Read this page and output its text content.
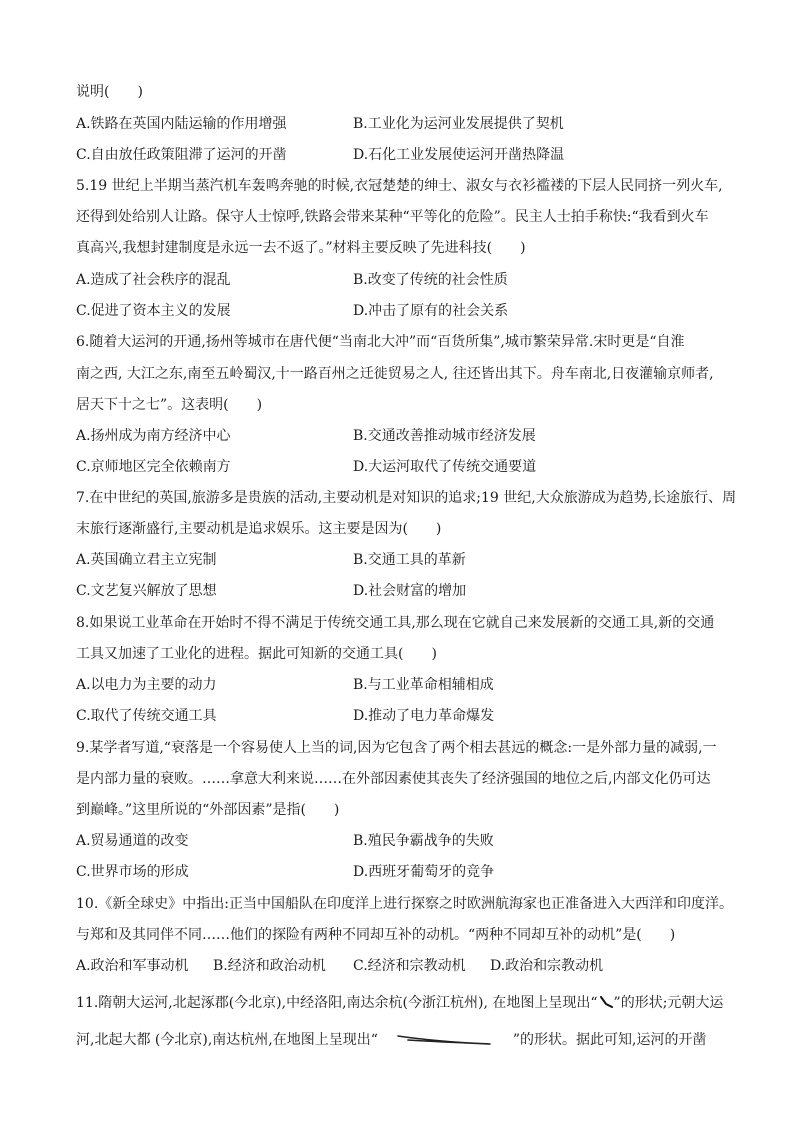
说明(　　)
A.铁路在英国内陆运输的作用增强	B.工业化为运河业发展提供了契机
C.自由放任政策阻滞了运河的开凿	D.石化工业发展使运河开凿热降温
5.19 世纪上半期当蒸汽机车轰鸣奔驰的时候,衣冠楚楚的绅士、淑女与衣衫褴褛的下层人民同挤一列火车,
还得到处给别人让路。保守人士惊呼,铁路会带来某种“平等化的危险”。民主人士拍手称快:“我看到火车
真高兴,我想封建制度是永远一去不返了。”材料主要反映了先进科技(　　)
A.造成了社会秩序的混乱	B.改变了传统的社会性质
C.促进了资本主义的发展	D.冲击了原有的社会关系
6.随着大运河的开通,扬州等城市在唐代便“当南北大冲”而“百货所集”,城市繁荣异常.宋时更是“自淮
南之西, 大江之东,南至五岭蜀汉,十一路百州之迁徙贸易之人, 往还皆出其下。舟车南北,日夜灌输京师者,
居天下十之七”。这表明(　　)
A.扬州成为南方经济中心	B.交通改善推动城市经济发展
C.京师地区完全依赖南方	D.大运河取代了传统交通要道
7.在中世纪的英国,旅游多是贵族的活动,主要动机是对知识的追求;19 世纪,大众旅游成为趋势,长途旅行、周
末旅行逐渐盛行,主要动机是追求娱乐。这主要是因为(　　)
A.英国确立君主立宪制	B.交通工具的革新
C.文艺复兴解放了思想	D.社会财富的增加
8.如果说工业革命在开始时不得不满足于传统交通工具,那么现在它就自己来发展新的交通工具,新的交通
工具又加速了工业化的进程。据此可知新的交通工具(　　)
A.以电力为主要的动力	B.与工业革命相辅相成
C.取代了传统交通工具	D.推动了电力革命爆发
9.某学者写道,“衰落是一个容易使人上当的词,因为它包含了两个相去甚远的概念:一是外部力量的减弱,一
是内部力量的衰败。……拿意大利来说……在外部因素使其丧失了经济强国的地位之后,内部文化仍可达
到巅峰。”这里所说的“外部因素”是指(　　)
A.贸易通道的改变	B.殖民争霸战争的失败
C.世界市场的形成	D.西班牙葡萄牙的竞争
10.《新全球史》中指出:正当中国船队在印度洋上进行探察之时欧洲航海家也正准备进入大西洋和印度洋。
与郑和及其同伴不同……他们的探险有两种不同却互补的动机。“两种不同却互补的动机”是(　　)
A.政治和军事动机 B.经济和政治动机 C.经济和宗教动机 D.政治和宗教动机
11.隋朝大运河,北起涿郡(今北京),中经洛阳,南达余杭(今浙江杭州), 在地图上呈现出“ ”的形状;元朝大运
河,北起大都 (今北京),南达杭州,在地图上呈现出“	”的形状。据此可知,运河的开凿
